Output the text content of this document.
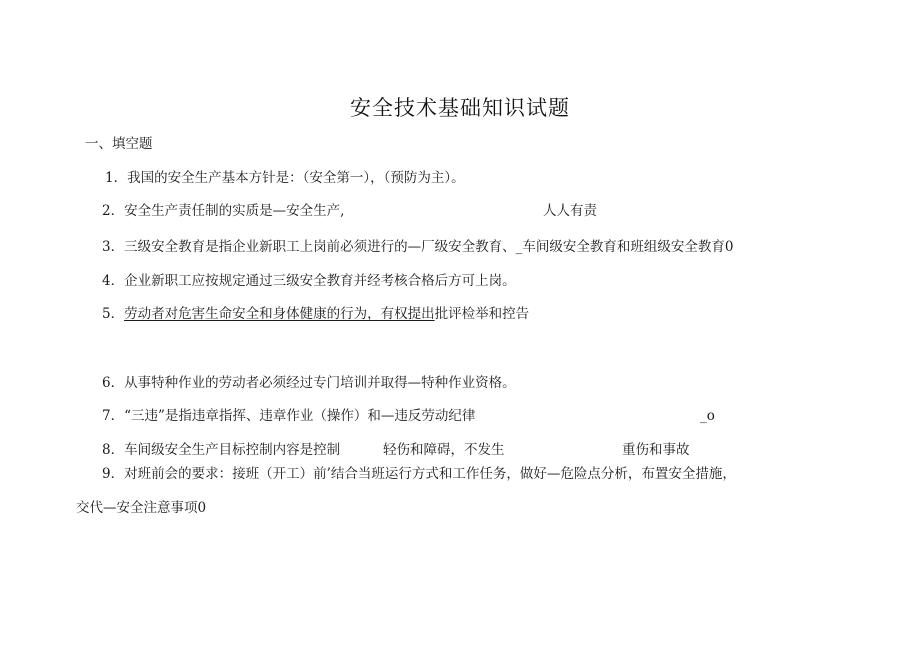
安全技术基础知识试题
一、填空题
1．我国的安全生产基本方针是：（安全第一），（预防为主）。
2．安全生产责任制的实质是—安全生产,	人人有责
3．三级安全教育是指企业新职工上岗前必须进行的—厂级安全教育、_车间级安全教育和班组级安全教育0
4．企业新职工应按规定通过三级安全教育并经考核合格后方可上岗。
5．劳动者对危害生命安全和身体健康的行为，有权提出批评检举和控告
6．从事特种作业的劳动者必须经过专门培训并取得—特种作业资格。
7．“三违”是指违章指挥、违章作业（操作）和—违反劳动纪律	_o
8．车间级安全生产目标控制内容是控制	轻伤和障碍，不发生	重伤和事故
9．对班前会的要求：接班（开工）前’结合当班运行方式和工作任务，做好—危险点分析，布置安全措施，
交代—安全注意事项0
